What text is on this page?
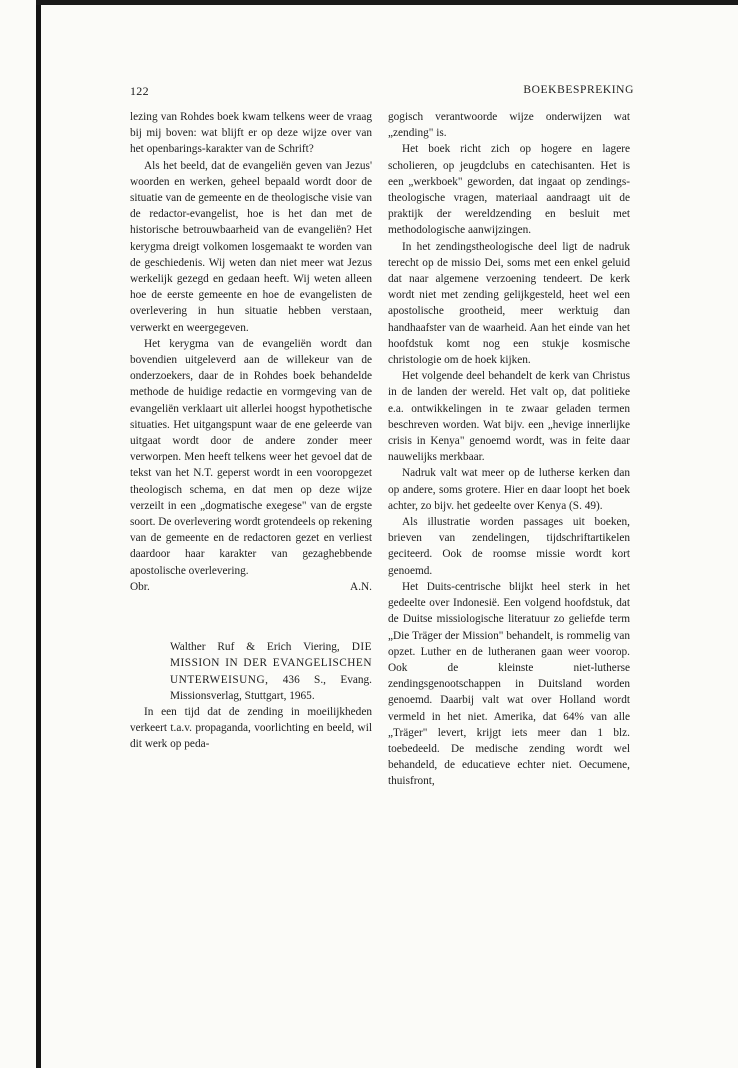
122	BOEKBESPREKING

lezing van Rohdes boek kwam telkens weer de vraag bij mij boven: wat blijft er op deze wijze over van het openbarings-karakter van de Schrift?

Als het beeld, dat de evangeliën geven van Jezus' woorden en werken, geheel bepaald wordt door de situatie van de gemeente en de theologische visie van de redactor-evangelist, hoe is het dan met de historische betrouwbaarheid van de evangeliën? Het kerygma dreigt volkomen losgemaakt te worden van de geschiedenis. Wij weten dan niet meer wat Jezus werkelijk gezegd en gedaan heeft. Wij weten alleen hoe de eerste gemeente en hoe de evangelisten de overlevering in hun situatie hebben verstaan, verwerkt en weergegeven.

Het kerygma van de evangeliën wordt dan bovendien uitgeleverd aan de willekeur van de onderzoekers, daar de in Rohdes boek behandelde methode de huidige redactie en vormgeving van de evangeliën verklaart uit allerlei hoogst hypothetische situaties. Het uitgangspunt waar de ene geleerde van uitgaat wordt door de andere zonder meer verworpen. Men heeft telkens weer het gevoel dat de tekst van het N.T. geperst wordt in een vooropgezet theologisch schema, en dat men op deze wijze verzeilt in een „dogmatische exegese" van de ergste soort. De overlevering wordt grotendeels op rekening van de gemeente en de redactoren gezet en verliest daardoor haar karakter van gezaghebbende apostolische overlevering.

Obr.	A.N.
Walther Ruf & Erich Viering, DIE MISSION IN DER EVANGELISCHEN UNTERWEISUNG, 436 S., Evang. Missionsverlag, Stuttgart, 1965.

In een tijd dat de zending in moeilijkheden verkeert t.a.v. propaganda, voorlichting en beeld, wil dit werk op peda-

gogisch verantwoorde wijze onderwijzen wat „zending" is.

Het boek richt zich op hogere en lagere scholieren, op jeugdclubs en catechisanten. Het is een „werkboek" geworden, dat ingaat op zendings-theologische vragen, materiaal aandraagt uit de praktijk der wereldzending en besluit met methodologische aanwijzingen.

In het zendingstheologische deel ligt de nadruk terecht op de missio Dei, soms met een enkel geluid dat naar algemene verzoening tendeert. De kerk wordt niet met zending gelijkgesteld, heet wel een apostolische grootheid, meer werktuig dan handhaafster van de waarheid. Aan het einde van het hoofdstuk komt nog een stukje kosmische christologie om de hoek kijken.

Het volgende deel behandelt de kerk van Christus in de landen der wereld. Het valt op, dat politieke e.a. ontwikkelingen in te zwaar geladen termen beschreven worden. Wat bijv. een „hevige innerlijke crisis in Kenya" genoemd wordt, was in feite daar nauwelijks merkbaar.

Nadruk valt wat meer op de lutherse kerken dan op andere, soms grotere. Hier en daar loopt het boek achter, zo bijv. het gedeelte over Kenya (S. 49).

Als illustratie worden passages uit boeken, brieven van zendelingen, tijdschriftartikelen geciteerd. Ook de roomse missie wordt kort genoemd.

Het Duits-centrische blijkt heel sterk in het gedeelte over Indonesië. Een volgend hoofdstuk, dat de Duitse missiologische literatuur zo geliefde term „Die Träger der Mission" behandelt, is rommelig van opzet. Luther en de lutheranen gaan weer voorop. Ook de kleinste niet-lutherse zendingsgenootschappen in Duitsland worden genoemd. Daarbij valt wat over Holland wordt vermeld in het niet. Amerika, dat 64% van alle „Träger" levert, krijgt iets meer dan 1 blz. toebedeeld. De medische zending wordt wel behandeld, de educatieve echter niet. Oecumene, thuisfront,
